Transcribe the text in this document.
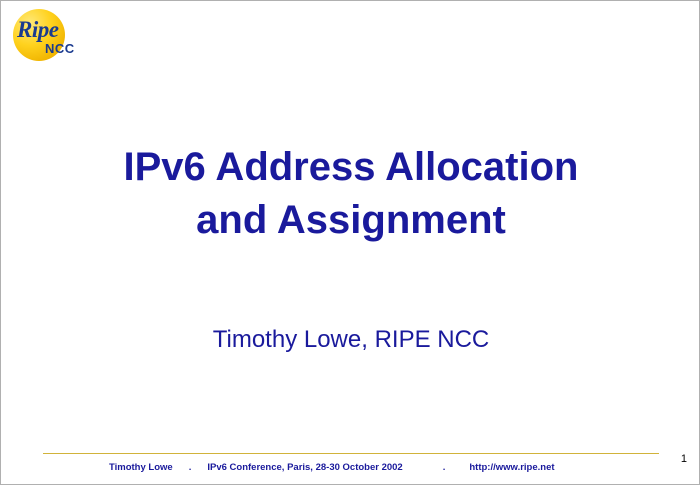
Ripe
NCC
IPv6 Address Allocation
and Assignment
Timothy Lowe, RIPE NCC
Timothy Lowe . IPv6 Conference, Paris, 28-30 October 2002	.	http://www.ripe.net
1
